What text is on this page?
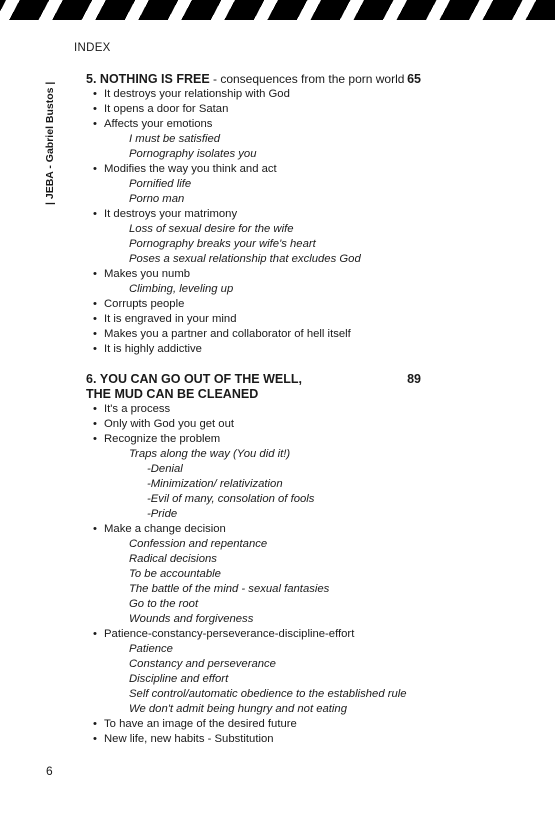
INDEX
| JEBA - Gabriel Bustos |
5. NOTHING IS FREE - consequences from the porn world 65
• It destroys your relationship with God
• It opens a door for Satan
• Affects your emotions
I must be satisfied
Pornography isolates you
• Modifies the way you think and act
Pornified life
Porno man
• It destroys your matrimony
Loss of sexual desire for the wife
Pornography breaks your wife's heart
Poses a sexual relationship that excludes God
• Makes you numb
Climbing, leveling up
• Corrupts people
• It is engraved in your mind
• Makes you a partner and collaborator of hell itself
• It is highly addictive
6. YOU CAN GO OUT OF THE WELL,
THE MUD CAN BE CLEANED
89
• It's a process
• Only with God you get out
• Recognize the problem
Traps along the way (You did it!)
-Denial
-Minimization/ relativization
-Evil of many, consolation of fools
-Pride
• Make a change decision
Confession and repentance
Radical decisions
To be accountable
The battle of the mind - sexual fantasies
Go to the root
Wounds and forgiveness
• Patience-constancy-perseverance-discipline-effort
Patience
Constancy and perseverance
Discipline and effort
Self control/automatic obedience to the established rule
We don't admit being hungry and not eating
• To have an image of the desired future
• New life, new habits - Substitution
6
